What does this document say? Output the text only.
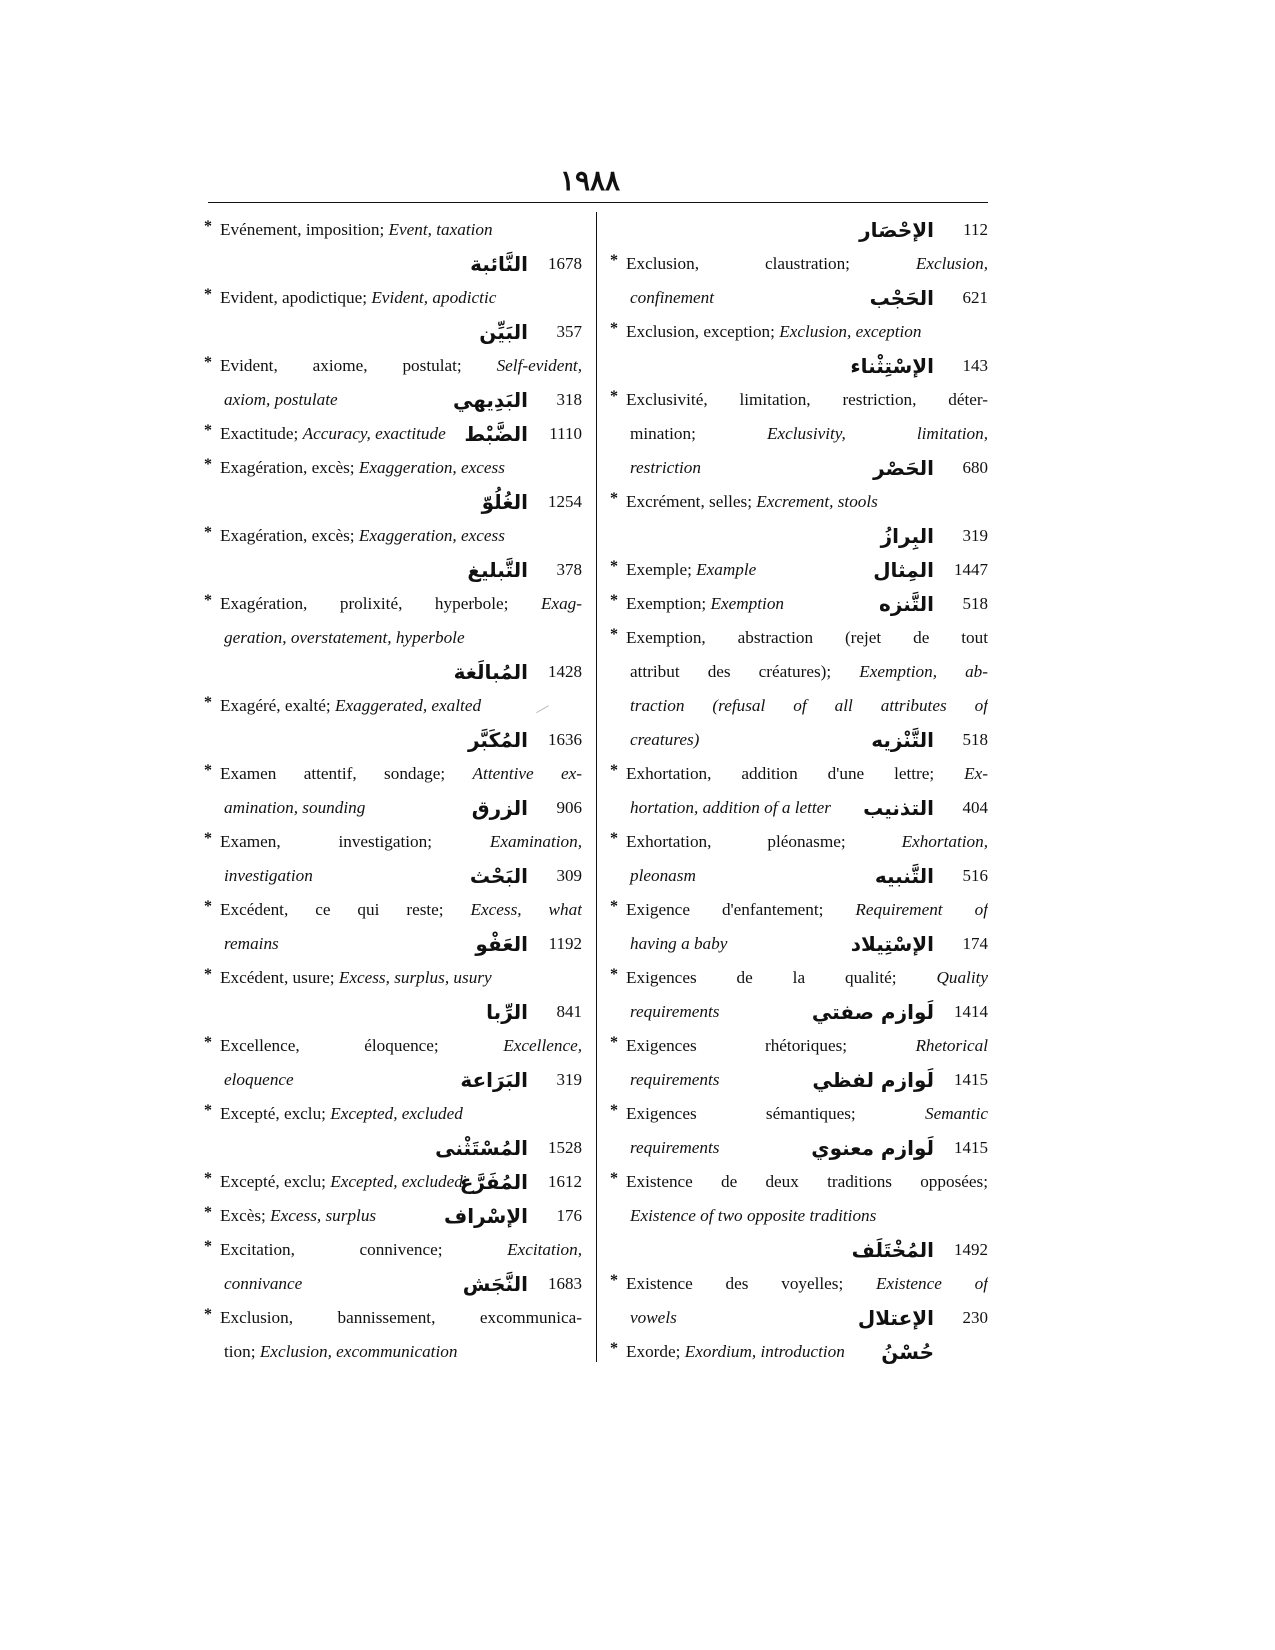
١٩٨٨
* Evénement, imposition; Event, taxation
النَّائبة	1678
* Evident, apodictique; Evident, apodictic
البَيِّن	357
* Evident, axiome, postulat; Self-evident,
axiom, postulate	البَدِيهي	318
* Exactitude; Accuracy, exactitude الضَّبْط	1110
* Exagération, excès; Exaggeration, excess
الغُلُوّ	1254
* Exagération, excès; Exaggeration, excess
التَّبليغ	378
* Exagération, prolixité, hyperbole; Exag-
geration, overstatement, hyperbole
المُبالَغة	1428
* Exagéré, exalté; Exaggerated, exalted
المُكَبَّر	1636
* Examen attentif, sondage; Attentive ex-
amination, sounding	الزرق	906
* Examen, investigation; Examination,
investigation	البَحْث	309
* Excédent, ce qui reste; Excess, what
remains	العَفْو	1192
* Excédent, usure; Excess, surplus, usury
الرِّبا	841
* Excellence, éloquence; Excellence,
eloquence	البَرَاعة	319
* Excepté, exclu; Excepted, excluded
المُسْتَثْنى	1528
* Excepté, exclu; Excepted, excluded
المُفَرَّغ	1612
* Excès; Excess, surplus	الإسْراف	176
* Excitation, connivence; Excitation,
connivance	النَّجَش	1683
* Exclusion, bannissement, excommunica-
tion; Exclusion, excommunication
الإحْصَار	112
* Exclusion, claustration; Exclusion,
confinement	الحَجْب	621
* Exclusion, exception; Exclusion, exception
الإسْتِثْناء	143
* Exclusivité, limitation, restriction, déter-
mination; Exclusivity, limitation,
restriction	الحَصْر	680
* Excrément, selles; Excrement, stools
البِرازُ	319
* Exemple; Example	المِثال	1447
* Exemption; Exemption	التَّنزه	518
* Exemption, abstraction (rejet de tout
attribut des créatures); Exemption, ab-
traction (refusal of all attributes of
creatures)	التَّنْزيه	518
* Exhortation, addition d'une lettre; Ex-
hortation, addition of a letter	التذنيب	404
* Exhortation, pléonasme; Exhortation,
pleonasm	التَّنبيه	516
* Exigence d'enfantement; Requirement of
having a baby	الإسْتِيلاد	174
* Exigences de la qualité; Quality
requirements	لَوازم صفتي	1414
* Exigences rhétoriques; Rhetorical
requirements	لَوازم لفظي	1415
* Exigences sémantiques; Semantic
requirements	لَوازم معنوي	1415
* Existence de deux traditions opposées;
Existence of two opposite traditions
المُخْتَلَف	1492
* Existence des voyelles; Existence of
vowels	الإعتلال	230
* Exorde; Exordium, introduction	حُسْنُ
